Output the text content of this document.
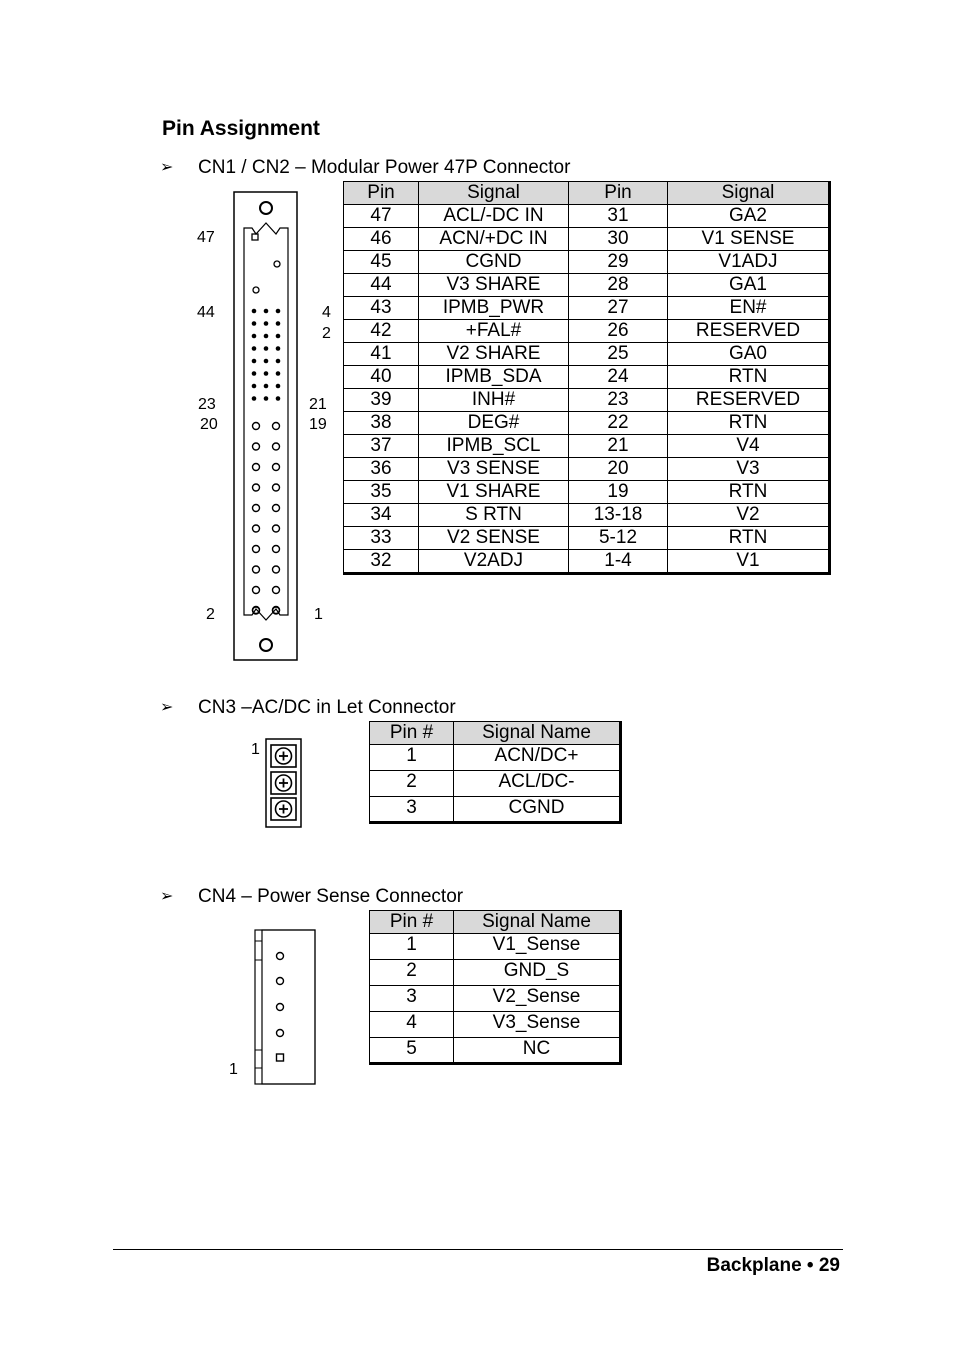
Pin Assignment
➢ CN1 / CN2 – Modular Power 47P Connector
47
44
23
20
2
4
2
21
19
1
Pin	Signal	Pin	Signal
47	ACL/-DC IN	31	GA2
46	ACN/+DC IN	30	V1 SENSE
45	CGND	29	V1ADJ
44	V3 SHARE	28	GA1
43	IPMB_PWR	27	EN#
42	+FAL#	26	RESERVED
41	V2 SHARE	25	GA0
40	IPMB_SDA	24	RTN
39	INH#	23	RESERVED
38	DEG#	22	RTN
37	IPMB_SCL	21	V4
36	V3 SENSE	20	V3
35	V1 SHARE	19	RTN
34	S RTN	13-18	V2
33	V2 SENSE	5-12	RTN
32	V2ADJ	1-4	V1
➢ CN3 –AC/DC in Let Connector
1
Pin #	Signal Name
1	ACN/DC+
2	ACL/DC-
3	CGND
➢ CN4 – Power Sense Connector
1
Pin #	Signal Name
1	V1_Sense
2	GND_S
3	V2_Sense
4	V3_Sense
5	NC
Backplane • 29
